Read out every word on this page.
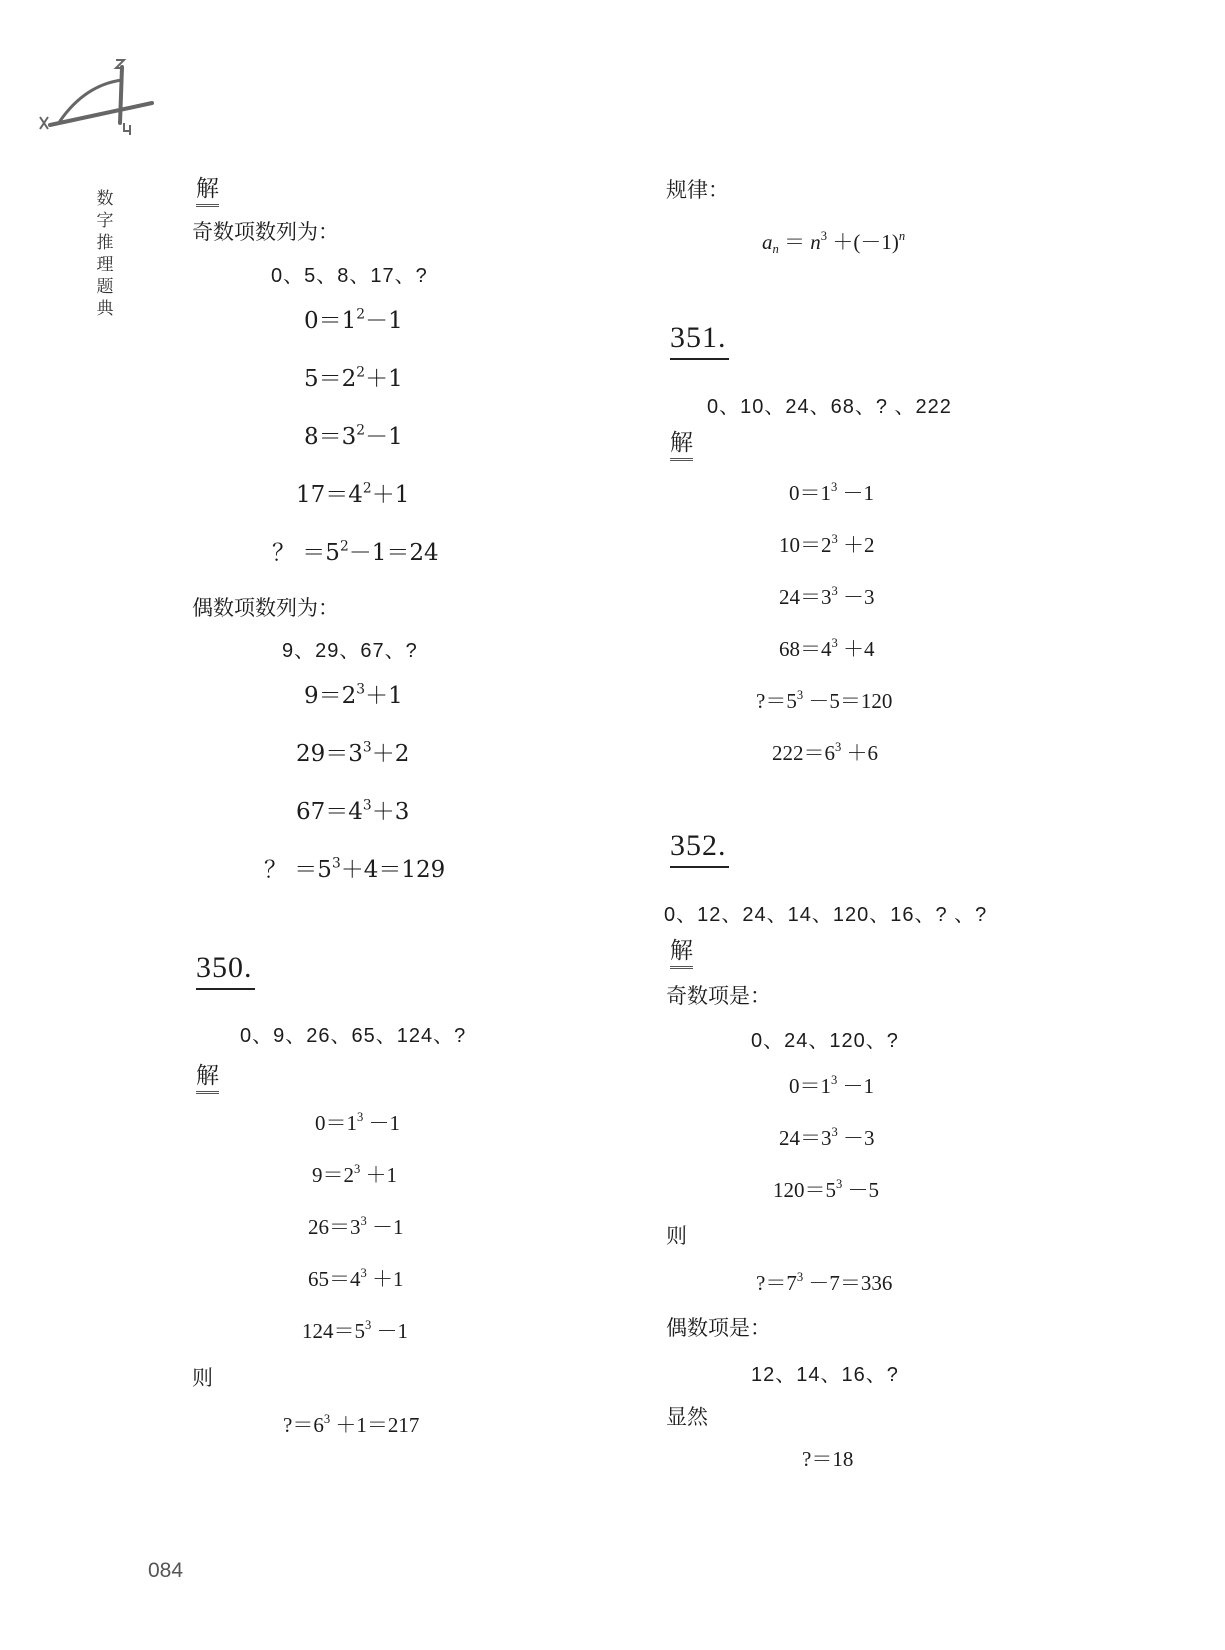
数
字
推
理
题
典
解
奇数项数列为：
0、5、8、17、?
$0=1^2-1$
$5=2^2+1$
$8=3^2-1$
$17=4^2+1$
？ $=5^2-1=24$
偶数项数列为：
9、29、67、?
$9=2^3+1$
$29=3^3+2$
$67=4^3+3$
？ $=5^3+4=129$
350.
0、9、26、65、124、?
解
$0=1^3 -1$
$9=2^3 +1$
$26=3^3 -1$
$65=4^3 +1$
$124=5^3 -1$
则
$?=6^3 +1=217$
规律：
$a_n = n^3 +(-1)^n$
351.
0、10、24、68、? 、222
解
$0=1^3 -1$
$10=2^3 +2$
$24=3^3 -3$
$68=4^3 +4$
$?=5^3 -5=120$
$222=6^3 +6$
352.
0、12、24、14、120、16、? 、?
解
奇数项是：
0、24、120、?
$0=1^3 -1$
$24=3^3 -3$
$120=5^3 -5$
则
$?=7^3 -7=336$
偶数项是：
12、14、16、?
显然
?＝18
084
